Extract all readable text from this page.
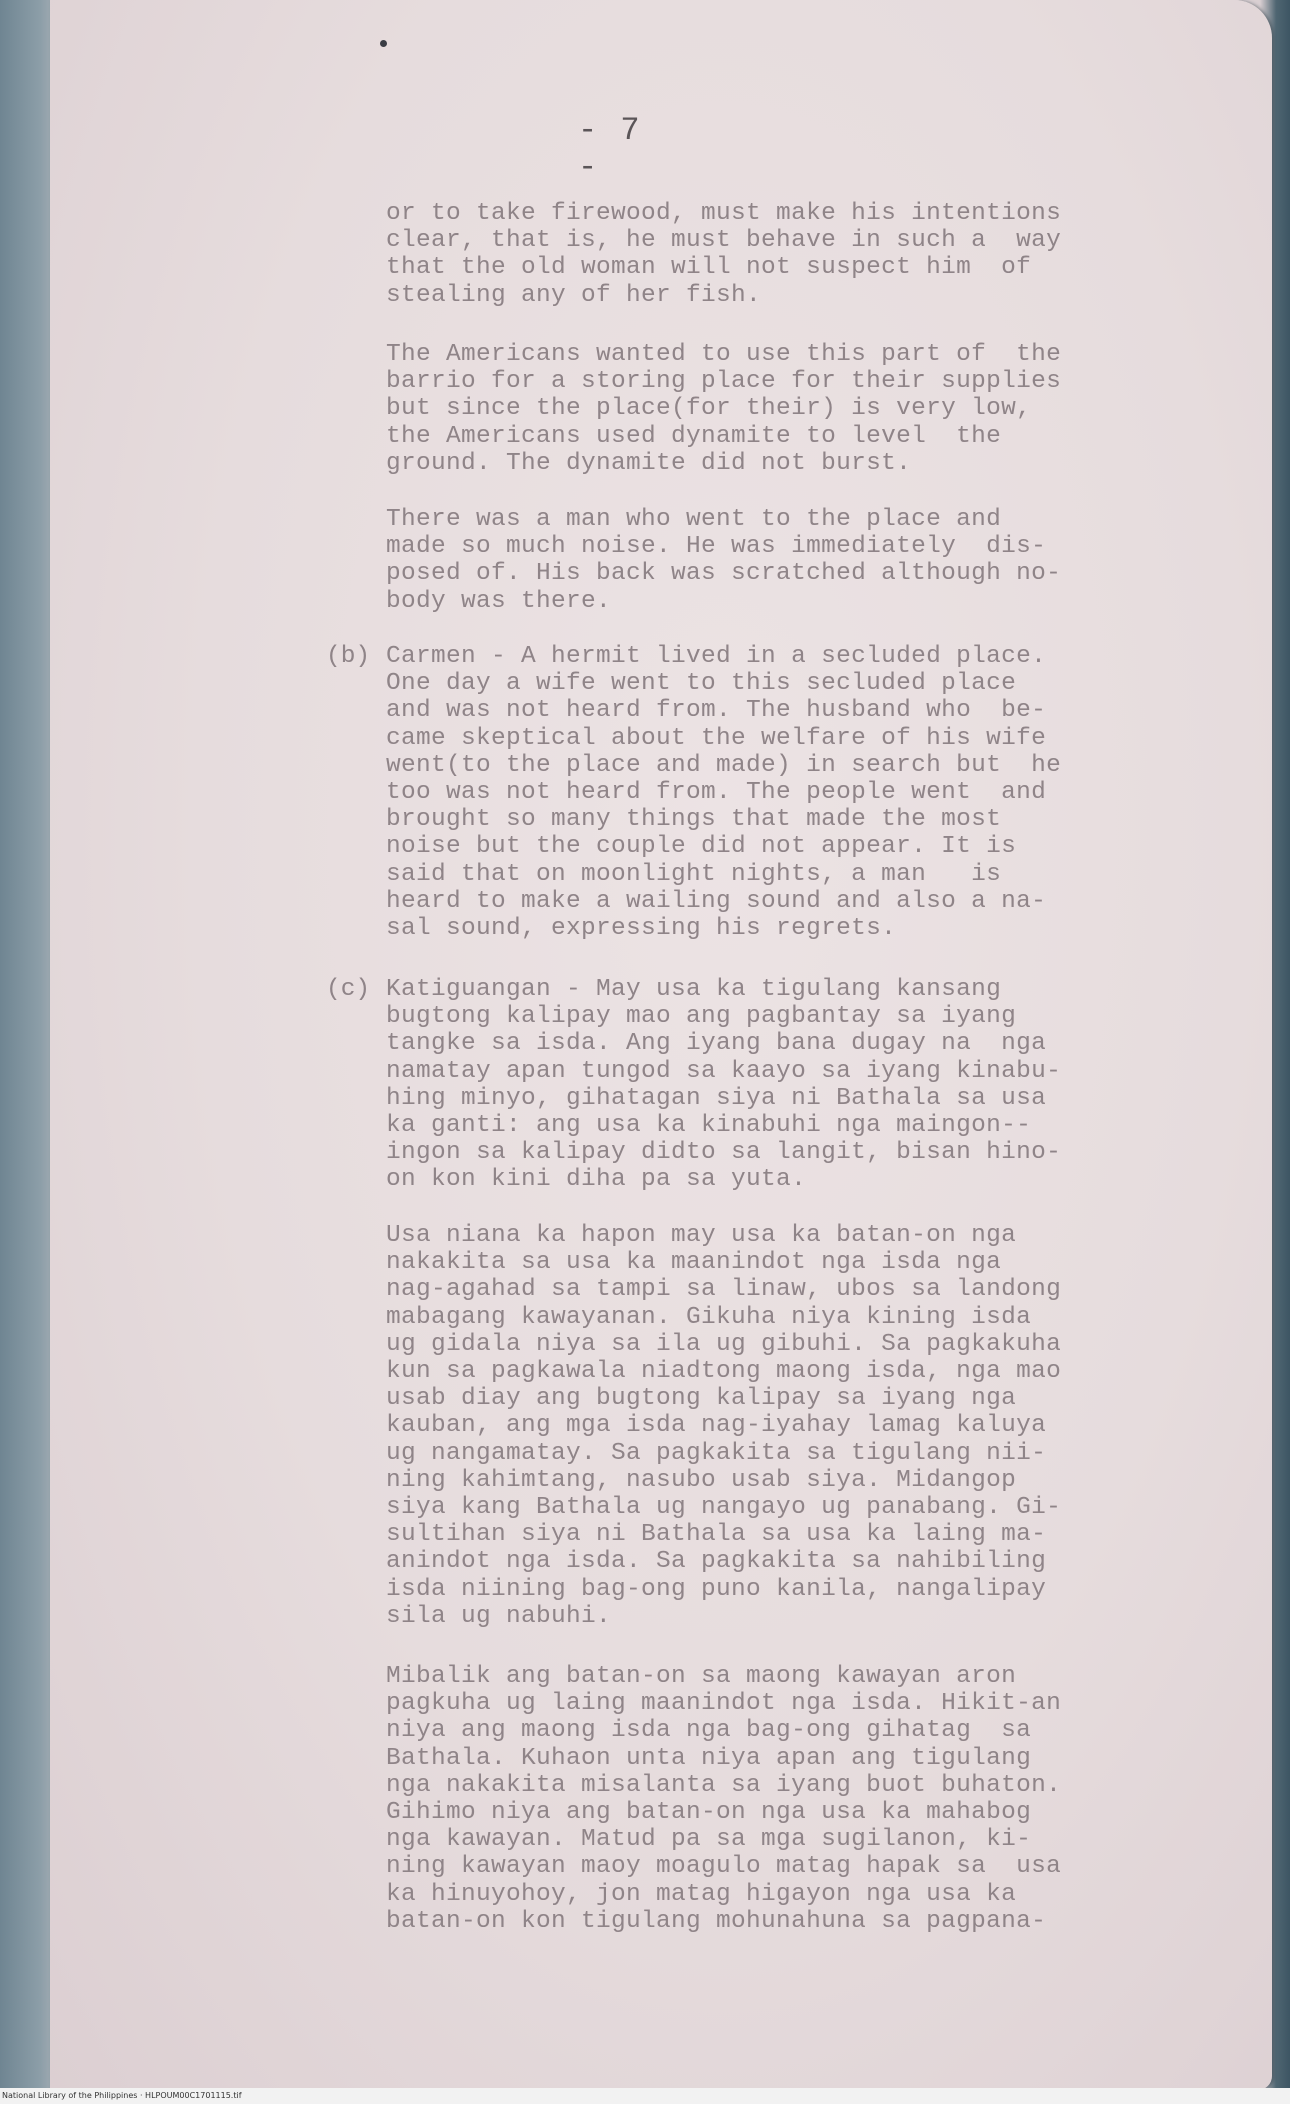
- 7 -
or to take firewood, must make his intentions
clear, that is, he must behave in such a  way
that the old woman will not suspect him  of
stealing any of her fish.
The Americans wanted to use this part of  the
barrio for a storing place for their supplies
but since the place(for their) is very low,
the Americans used dynamite to level  the
ground. The dynamite did not burst.
There was a man who went to the place and
made so much noise. He was immediately  dis-
posed of. His back was scratched although no-
body was there.
(b) Carmen - A hermit lived in a secluded place.
One day a wife went to this secluded place
and was not heard from. The husband who  be-
came skeptical about the welfare of his wife
went(to the place and made) in search but  he
too was not heard from. The people went  and
brought so many things that made the most
noise but the couple did not appear. It is
said that on moonlight nights, a man   is
heard to make a wailing sound and also a na-
sal sound, expressing his regrets.
(c) Katiguangan - May usa ka tigulang kansang
bugtong kalipay mao ang pagbantay sa iyang
tangke sa isda. Ang iyang bana dugay na  nga
namatay apan tungod sa kaayo sa iyang kinabu-
hing minyo, gihatagan siya ni Bathala sa usa
ka ganti: ang usa ka kinabuhi nga maingon--
ingon sa kalipay didto sa langit, bisan hino-
on kon kini diha pa sa yuta.
Usa niana ka hapon may usa ka batan-on nga
nakakita sa usa ka maanindot nga isda nga
nag-agahad sa tampi sa linaw, ubos sa landong
mabagang kawayanan. Gikuha niya kining isda
ug gidala niya sa ila ug gibuhi. Sa pagkakuha
kun sa pagkawala niadtong maong isda, nga mao
usab diay ang bugtong kalipay sa iyang nga
kauban, ang mga isda nag-iyahay lamag kaluya
ug nangamatay. Sa pagkakita sa tigulang nii-
ning kahimtang, nasubo usab siya. Midangop
siya kang Bathala ug nangayo ug panabang. Gi-
sultihan siya ni Bathala sa usa ka laing ma-
anindot nga isda. Sa pagkakita sa nahibiling
isda niining bag-ong puno kanila, nangalipay
sila ug nabuhi.
Mibalik ang batan-on sa maong kawayan aron
pagkuha ug laing maanindot nga isda. Hikit-an
niya ang maong isda nga bag-ong gihatag  sa
Bathala. Kuhaon unta niya apan ang tigulang
nga nakakita misalanta sa iyang buot buhaton.
Gihimo niya ang batan-on nga usa ka mahabog
nga kawayan. Matud pa sa mga sugilanon, ki-
ning kawayan maoy moagulo matag hapak sa  usa
ka hinuyohoy, jon matag higayon nga usa ka
batan-on kon tigulang mohunahuna sa pagpana-
National Library of the Philippines · HLPOUM00C1701115.tif
